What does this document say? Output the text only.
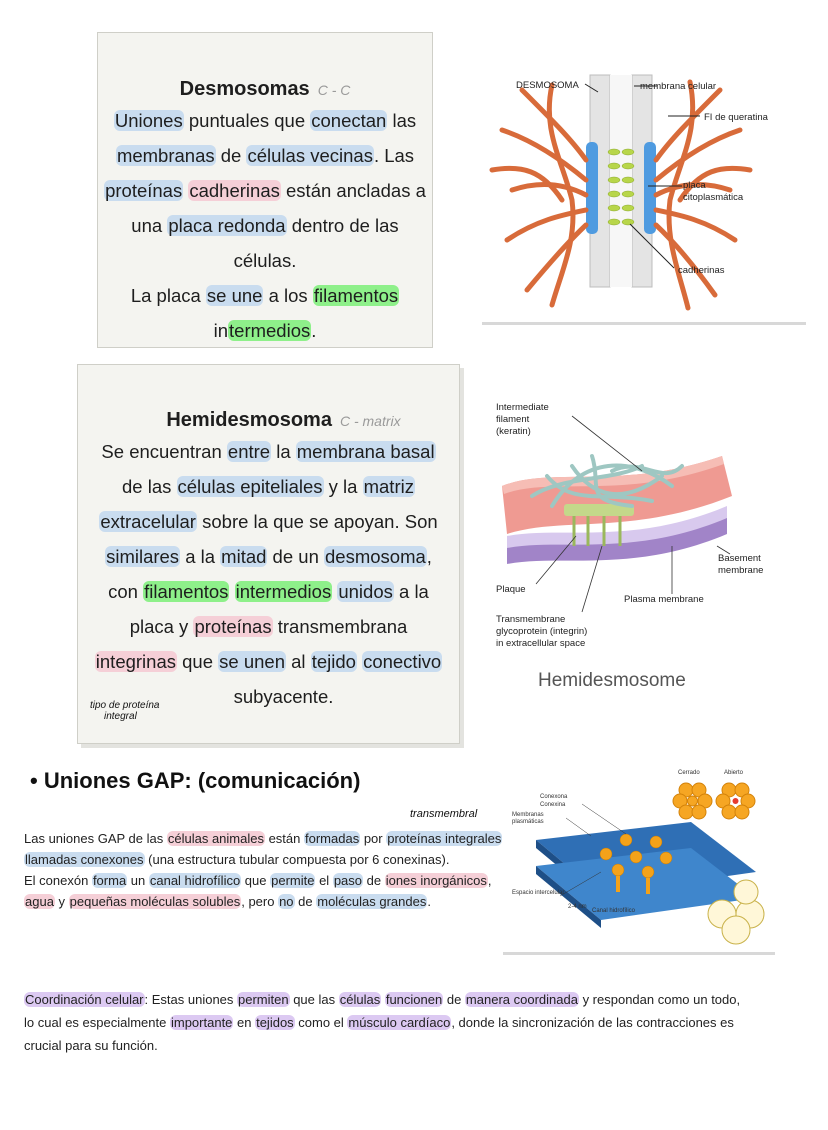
Desmosomas C - C
Uniones puntuales que conectan las
membranas de células vecinas. Las
proteínas cadherinas están ancladas a
una placa redonda dentro de las células.
La placa se une a los filamentos
intermedios.
DESMOSOMA	membrana celular
FI de queratina
placa
citoplasmática
cadherinas
Hemidesmosoma C - matrix
Se encuentran entre la membrana basal
de las células epiteliales y la matriz
extracelular sobre la que se apoyan. Son
similares a la mitad de un desmosoma,
con filamentos intermedios unidos a la
placa y proteínas transmembrana
integrinas que se unen al tejido conectivo
subyacente.
tipo de proteína
integral
Intermediate
filament
(keratin)
Basement
membrane
Plaque
Plasma membrane
Transmembrane
glycoprotein (integrin)
in extracellular space
Hemidesmosome
• Uniones GAP: (comunicación)
transmembral
Las uniones GAP de las células animales están formadas por proteínas integrales
llamadas conexones (una estructura tubular compuesta por 6 conexinas).
El conexón forma un canal hidrofílico que permite el paso de iones inorgánicos,
agua y pequeñas moléculas solubles, pero no de moléculas grandes.
Cerrado	Abierto
Conexona
Conexina
Membranas
plasmáticas
Espacio intercelular
2-4 nm
Canal hidrofílico
Coordinación celular: Estas uniones permiten que las células funcionen de manera coordinada y respondan como un todo,
lo cual es especialmente importante en tejidos como el músculo cardíaco, donde la sincronización de las contracciones es
crucial para su función.
